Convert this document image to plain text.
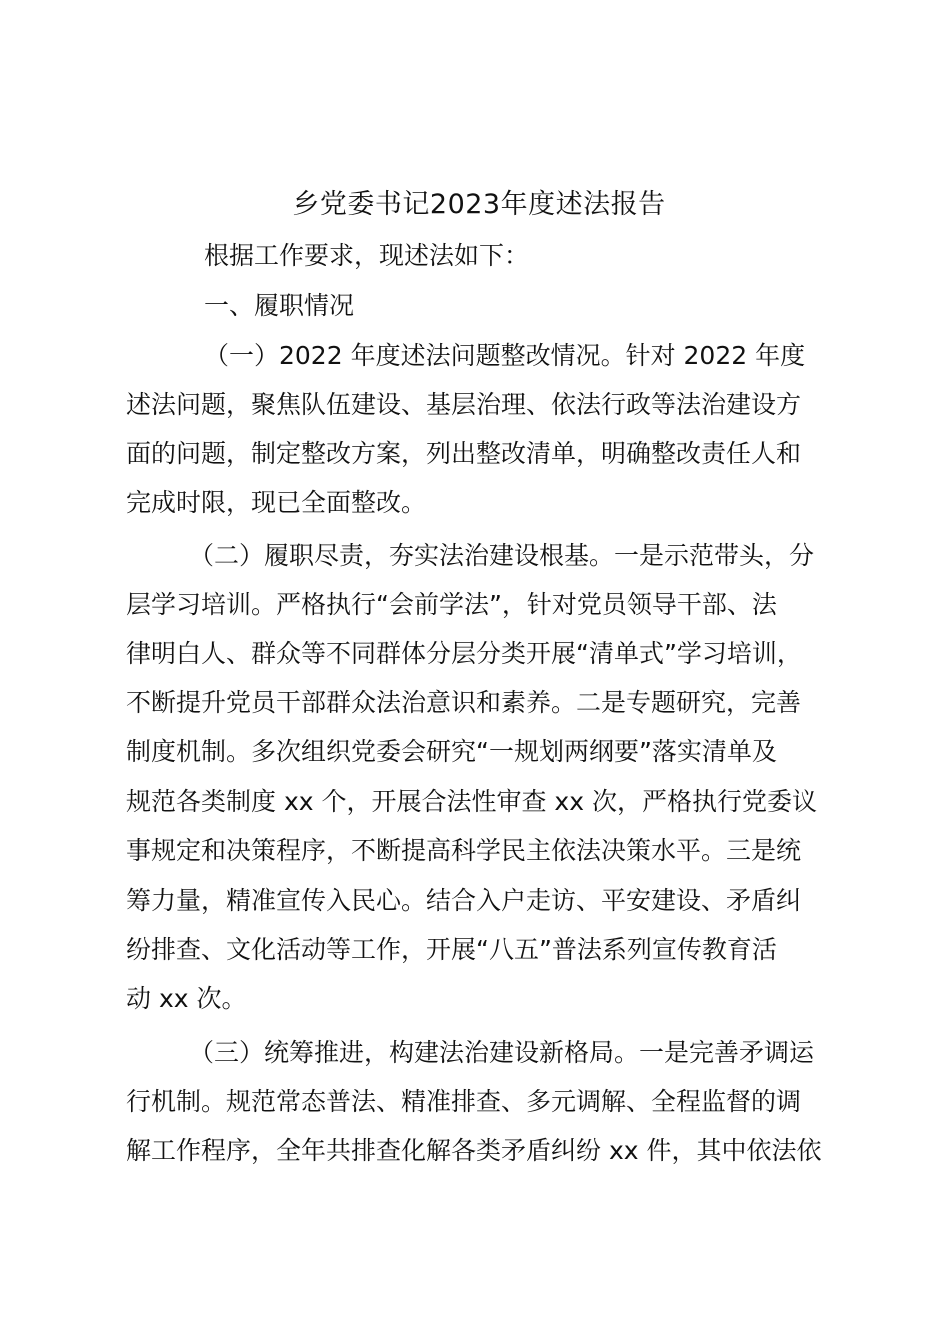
乡党委书记2023年度述法报告
根据工作要求，现述法如下：
一、履职情况
（一）2022 年度述法问题整改情况。针对 2022 年度
述法问题，聚焦队伍建设、基层治理、依法行政等法治建设方
面的问题，制定整改方案，列出整改清单，明确整改责任人和
完成时限，现已全面整改。
（二）履职尽责，夯实法治建设根基。一是示范带头，分
层学习培训。严格执行“会前学法”，针对党员领导干部、法
律明白人、群众等不同群体分层分类开展“清单式”学习培训，
不断提升党员干部群众法治意识和素养。二是专题研究，完善
制度机制。多次组织党委会研究“一规划两纲要”落实清单及
规范各类制度 xx 个，开展合法性审查 xx 次，严格执行党委议
事规定和决策程序，不断提高科学民主依法决策水平。三是统
筹力量，精准宣传入民心。结合入户走访、平安建设、矛盾纠
纷排查、文化活动等工作，开展“八五”普法系列宣传教育活
动 xx 次。
（三）统筹推进，构建法治建设新格局。一是完善矛调运
行机制。规范常态普法、精准排查、多元调解、全程监督的调
解工作程序，全年共排查化解各类矛盾纠纷 xx 件，其中依法依
